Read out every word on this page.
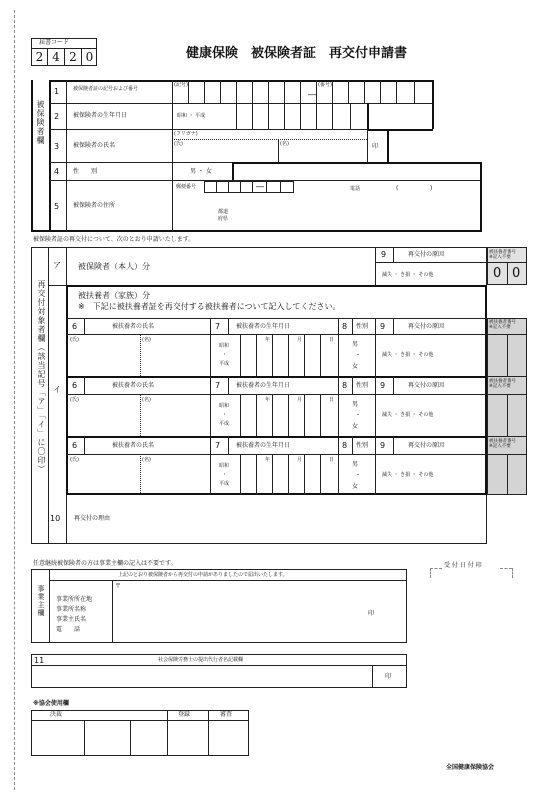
届書コード
2 4 2 0	健康保険　被保険者証　再交付申請書
被保険者欄
1	被保険者証の記号および番号
(記号)	(番号)
―
2 被保険者の生年月日	昭和 ・ 平成
3 被保険者の氏名
(フリガナ)
(氏)	(名)	印
4 性　　別	男 ・ 女
5 被保険者の住所
郵便番号	―	電話	(	)
都道
府県
被保険者証の再交付について、次のとおり申請いたします。
再交付対象者欄（該当記号「ア」「イ」に〇印）
ア 被保険者（本人）分
9	再交付の原因
滅失 ・ き損 ・ その他
被扶養者番号
※記入不要
0 0
イ
被扶養者（家族）分
※　下記に被扶養者証を再交付する被扶養者について記入してください。
6	被扶養者の氏名	7	被扶養者の生年月日	8 性別 9	再交付の原因
(氏)	(名)
昭和
・
平成
年	月	日
男
・
女
滅失 ・ き損 ・ その他
6	被扶養者の氏名	7	被扶養者の生年月日	8 性別 9	再交付の原因
(氏)	(名)
昭和
・
平成
年	月	日
男
・
女
滅失 ・ き損 ・ その他
6	被扶養者の氏名	7	被扶養者の生年月日	8 性別 9	再交付の原因
(氏)	(名)
昭和
・
平成
年	月	日
男
・
女
滅失 ・ き損 ・ その他
被扶養者番号
※記入不要
被扶養者番号
※記入不要
被扶養者番号
※記入不要
10 再交付の理由
任意継続被保険者の方は事業主欄の記入は不要です。	受 付 日 付 印
事業主欄
上記のとおり被保険者から再交付の申請がありましたので届出いたします。
〒
事業所所在地
事業所名称
事業主氏名
電　　話
印
11	社会保険労務士の提出代行者名記載欄
印
※協会使用欄
決裁	登録	審査
全国健康保険協会
